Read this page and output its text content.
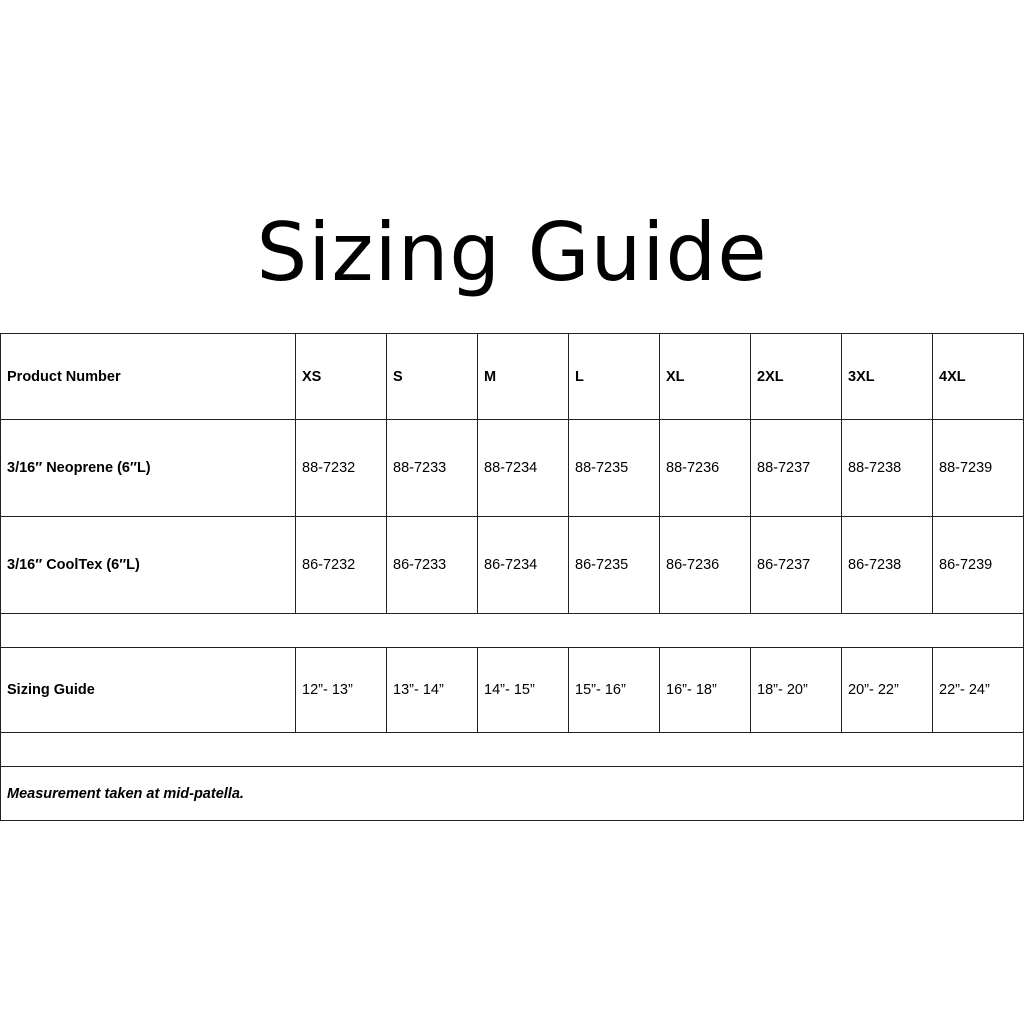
Sizing Guide
Product Number	XS	S	M	L	XL	2XL	3XL	4XL
3/16″ Neoprene (6″L)	88-7232	88-7233	88-7234	88-7235	88-7236	88-7237	88-7238	88-7239
3/16″ CoolTex (6″L)	86-7232	86-7233	86-7234	86-7235	86-7236	86-7237	86-7238	86-7239

Sizing Guide	12”- 13”	13”- 14”	14”- 15”	15”- 16”	16”- 18”	18”- 20”	20”- 22”	22”- 24”

Measurement taken at mid-patella.								
